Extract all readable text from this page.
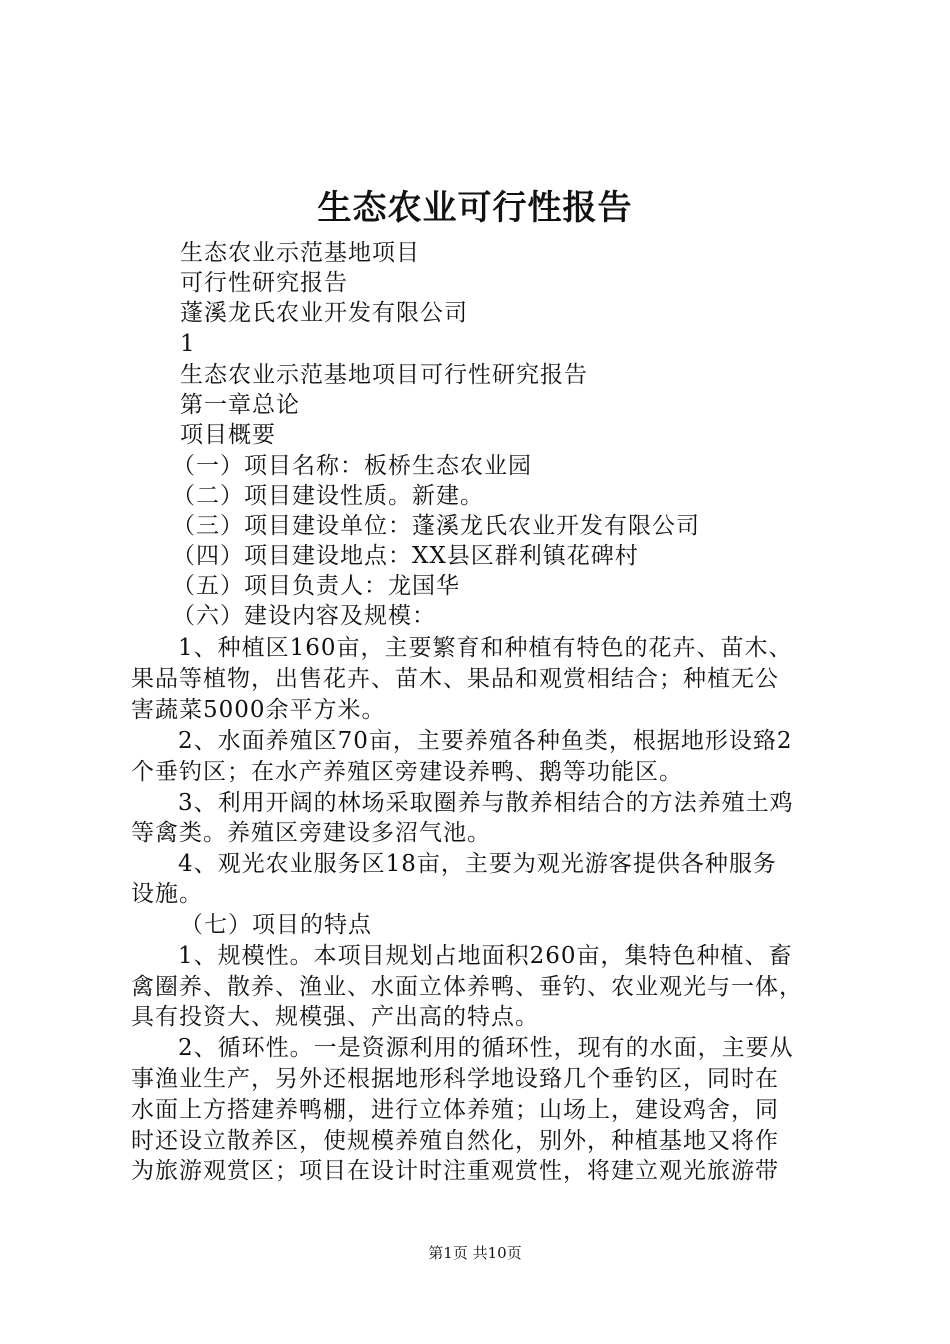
生态农业可行性报告
生态农业示范基地项目
可行性研究报告
蓬溪龙氏农业开发有限公司
1
生态农业示范基地项目可行性研究报告
第一章总论
项目概要
（一）项目名称：板桥生态农业园
（二）项目建设性质。新建。
（三）项目建设单位：蓬溪龙氏农业开发有限公司
（四）项目建设地点：XX县区群利镇花碑村
（五）项目负责人：龙国华
（六）建设内容及规模：
1、种植区160亩，主要繁育和种植有特色的花卉、苗木、
果品等植物，出售花卉、苗木、果品和观赏相结合；种植无公
害蔬菜5000余平方米。
2、水面养殖区70亩，主要养殖各种鱼类，根据地形设臵2
个垂钓区；在水产养殖区旁建设养鸭、鹅等功能区。
3、利用开阔的林场采取圈养与散养相结合的方法养殖土鸡
等禽类。养殖区旁建设多沼气池。
4、观光农业服务区18亩，主要为观光游客提供各种服务
设施。
（七）项目的特点
1、规模性。本项目规划占地面积260亩，集特色种植、畜
禽圈养、散养、渔业、水面立体养鸭、垂钓、农业观光与一体，
具有投资大、规模强、产出高的特点。
2、循环性。一是资源利用的循环性，现有的水面，主要从
事渔业生产，另外还根据地形科学地设臵几个垂钓区，同时在
水面上方搭建养鸭棚，进行立体养殖；山场上，建设鸡舍，同
时还设立散养区，使规模养殖自然化，别外，种植基地又将作
为旅游观赏区；项目在设计时注重观赏性，将建立观光旅游带
第1页 共10页
